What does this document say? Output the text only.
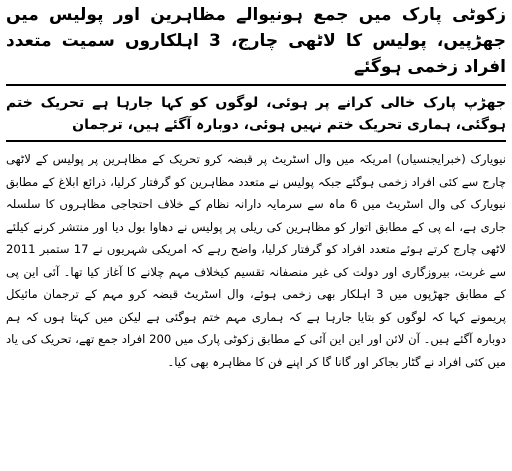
زکوٹی پارک میں جمع ہونیوالے مظاہرین اور پولیس میں جھڑپیں، پولیس کا لاٹھی چارج، 3 اہلکاروں سمیت متعدد افراد زخمی ہوگئے

جھڑپ پارک خالی کرانے پر ہوئی، لوگوں کو کہا جارہا ہے تحریک ختم ہوگئی، ہماری تحریک ختم نہیں ہوئی، دوبارہ آگئے ہیں، ترجمان

نیویارک (خبرایجنسیاں) امریکہ میں وال اسٹریٹ پر قبضہ کرو تحریک کے مظاہرین پر پولیس کے لاٹھی چارج سے کئی افراد زخمی ہوگئے جبکہ پولیس نے متعدد مظاہرین کو گرفتار کرلیا، ذرائع ابلاغ کے مطابق نیویارک کی وال اسٹریٹ میں 6 ماہ سے سرمایہ دارانہ نظام کے خلاف احتجاجی مظاہروں کا سلسلہ جاری ہے، اے پی کے مطابق اتوار کو مظاہرین کی ریلی پر پولیس نے دھاوا بول دیا اور منتشر کرنے کیلئے لاٹھی چارج کرتے ہوئے متعدد افراد کو گرفتار کرلیا، واضح رہے کہ امریکی شہریوں نے 17 ستمبر 2011 سے غربت، بیروزگاری اور دولت کی غیر منصفانہ تقسیم کیخلاف مہم چلانے کا آغاز کیا تھا۔ آئی این پی کے مطابق جھڑپوں میں 3 اہلکار بھی زخمی ہوئے، وال اسٹریٹ قبضہ کرو مہم کے ترجمان مائیکل پریمونے کہا کہ لوگوں کو بتایا جارہا ہے کہ ہماری مہم ختم ہوگئی ہے لیکن میں کہتا ہوں کہ ہم دوبارہ آگئے ہیں۔ آن لائن اور این این آئی کے مطابق زکوٹی پارک میں 200 افراد جمع تھے، تحریک کی یاد میں کئی افراد نے گٹار بجاکر اور گانا گا کر اپنے فن کا مظاہرہ بھی کیا۔
